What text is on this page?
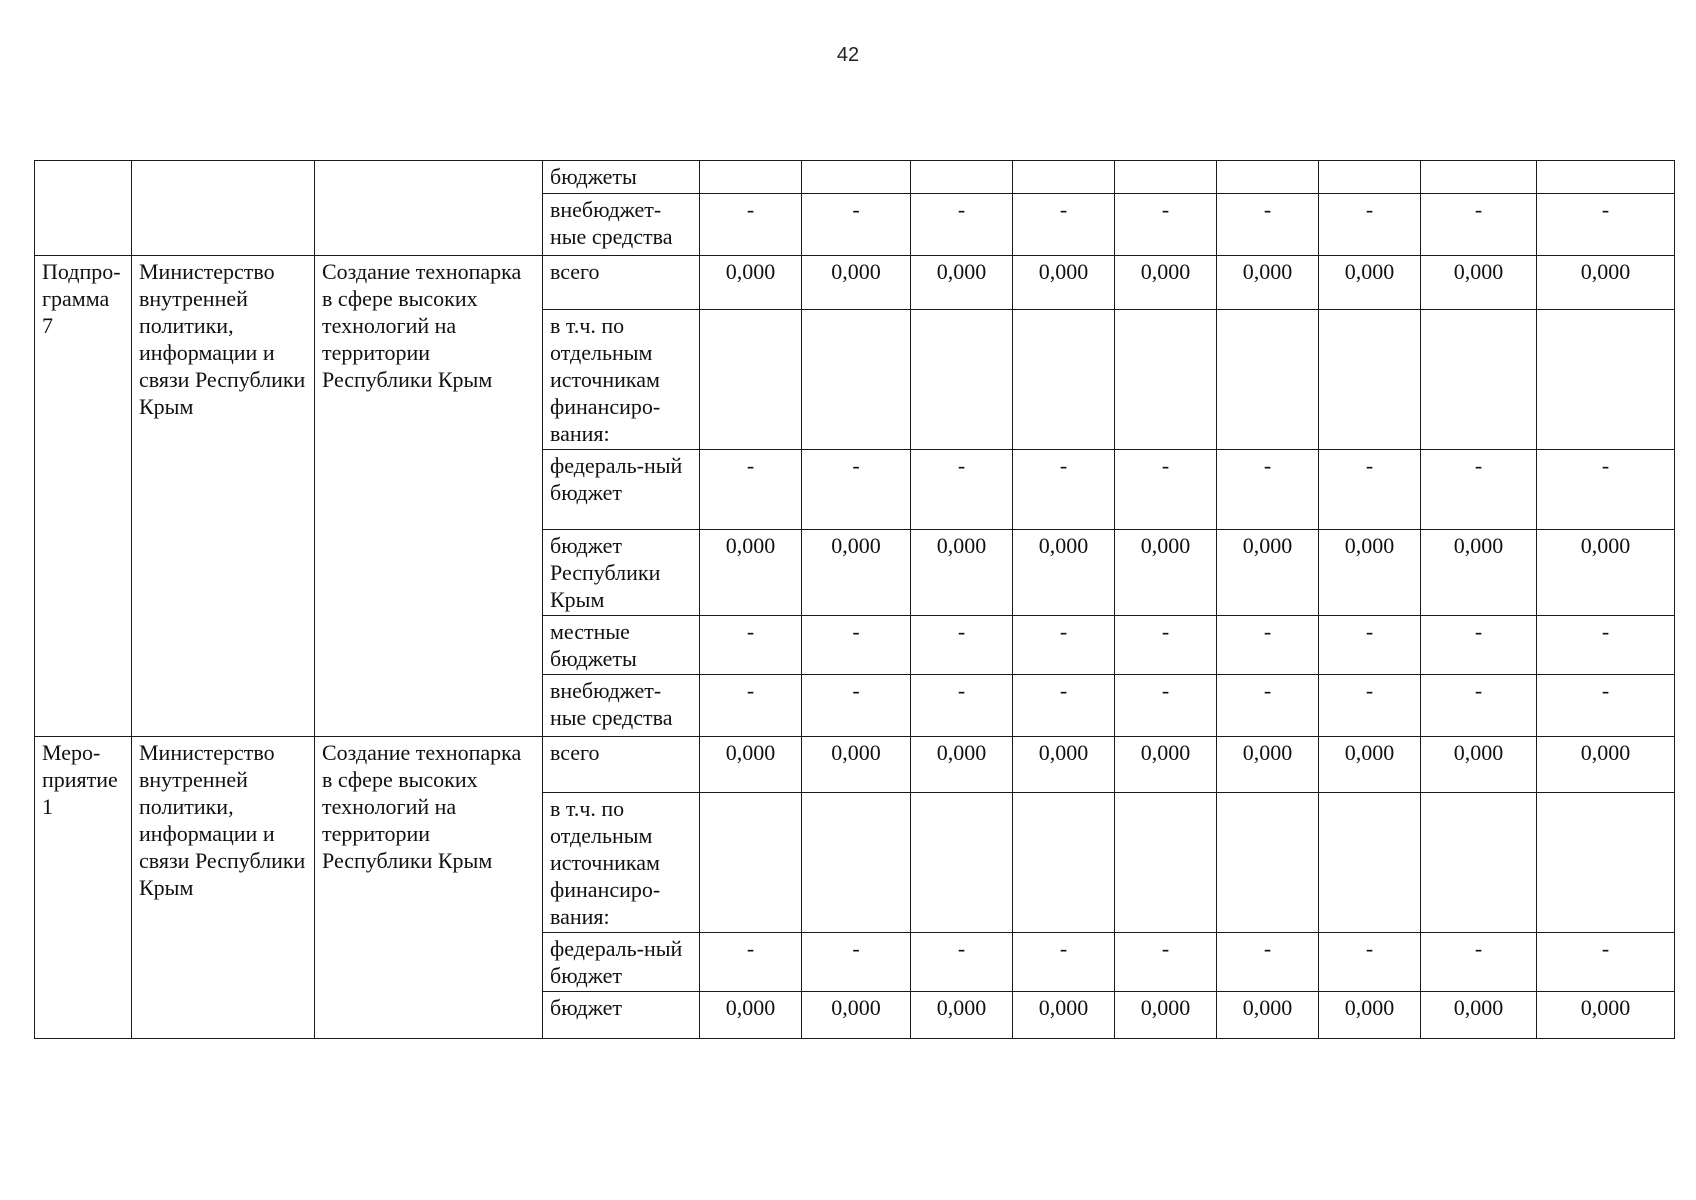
42
			бюджеты									
			внебюджет-ные средства	-	-	-	-	-	-	-	-	-
Подпро-грамма 7	Министерство внутренней политики, информации и связи Республики Крым	Создание технопарка в сфере высоких технологий на территории Республики Крым	всего	0,000	0,000	0,000	0,000	0,000	0,000	0,000	0,000	0,000
			в т.ч. по отдельным источникам финансиро-вания:									
			федераль-ный бюджет	-	-	-	-	-	-	-	-	-
			бюджет Республики Крым	0,000	0,000	0,000	0,000	0,000	0,000	0,000	0,000	0,000
			местные бюджеты	-	-	-	-	-	-	-	-	-
			внебюджет-ные средства	-	-	-	-	-	-	-	-	-
Меро-приятие 1	Министерство внутренней политики, информации и связи Республики Крым	Создание технопарка в сфере высоких технологий на территории Республики Крым	всего	0,000	0,000	0,000	0,000	0,000	0,000	0,000	0,000	0,000
			в т.ч. по отдельным источникам финансиро-вания:									
			федераль-ный бюджет	-	-	-	-	-	-	-	-	-
			бюджет	0,000	0,000	0,000	0,000	0,000	0,000	0,000	0,000	0,000
